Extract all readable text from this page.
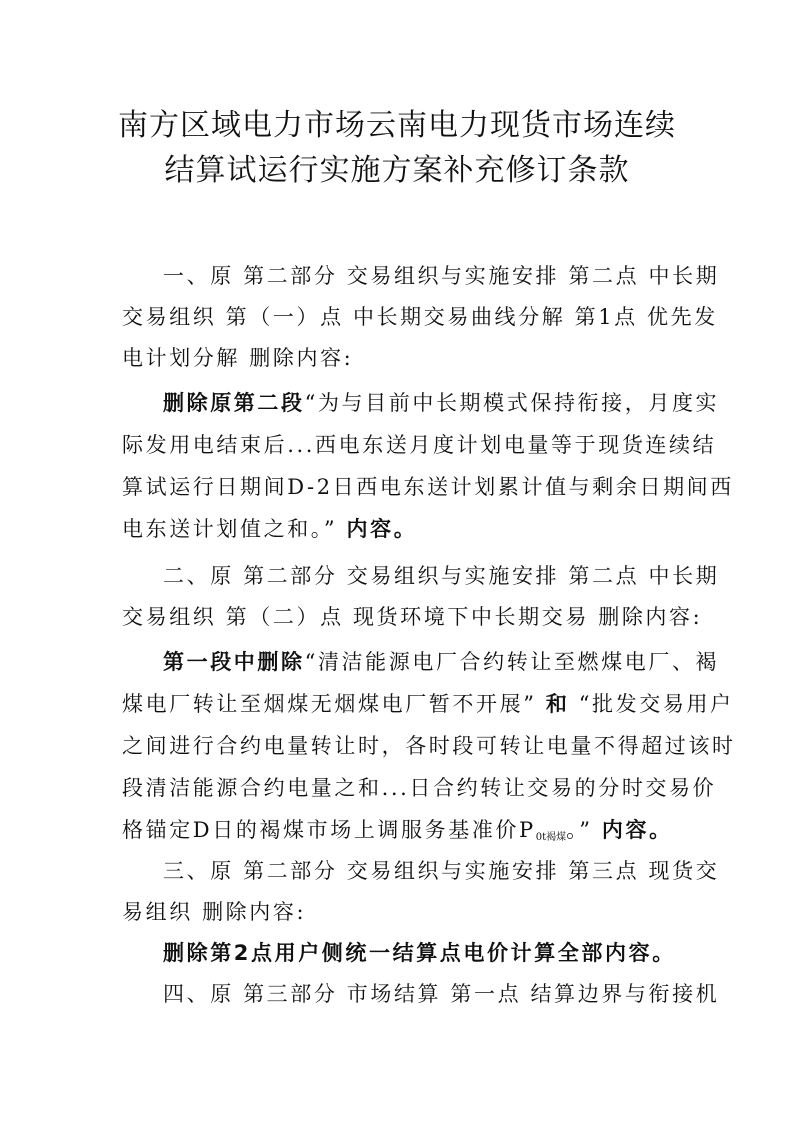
南方区域电力市场云南电力现货市场连续
结算试运行实施方案补充修订条款
一、原 第二部分 交易组织与实施安排 第二点 中长期
交易组织 第（一）点 中长期交易曲线分解 第1点 优先发
电计划分解 删除内容:
删除原第二段“为与目前中长期模式保持衔接，月度实
际发用电结束后...西电东送月度计划电量等于现货连续结
算试运行日期间D-2日西电东送计划累计值与剩余日期间西
电东送计划值之和。” 内容。
二、原 第二部分 交易组织与实施安排 第二点 中长期
交易组织 第（二）点 现货环境下中长期交易 删除内容:
第一段中删除“清洁能源电厂合约转让至燃煤电厂、褐
煤电厂转让至烟煤无烟煤电厂暂不开展” 和 “批发交易用户
之间进行合约电量转让时，各时段可转让电量不得超过该时
段清洁能源合约电量之和...日合约转让交易的分时交易价
格锚定D日的褐煤市场上调服务基准价$P_{0t褐煤}$。” 内容。
三、原 第二部分 交易组织与实施安排 第三点 现货交
易组织 删除内容:
删除第2点用户侧统一结算点电价计算全部内容。
四、原 第三部分 市场结算 第一点 结算边界与衔接机
